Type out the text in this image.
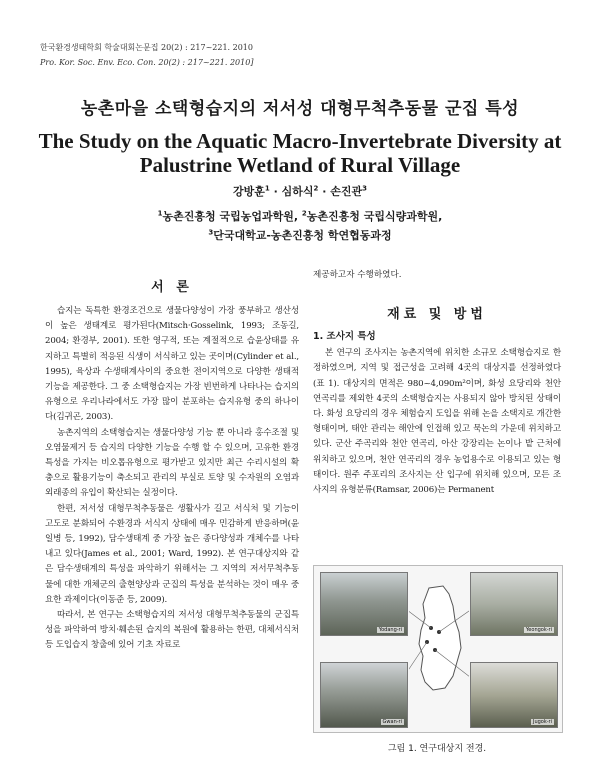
한국환경생태학회 학술대회논문집 20(2) : 217~221. 2010
Pro. Kor. Soc. Env. Eco. Con. 20(2) : 217~221. 2010]
농촌마을 소택형습지의 저서성 대형무척추동물 군집 특성
The Study on the Aquatic Macro-Invertebrate Diversity at Palustrine Wetland of Rural Village
강방훈$^1$ · 심하식$^2$ · 손진관$^3$

$^1$농촌진흥청 국립농업과학원, $^2$농촌진흥청 국립식량과학원,

$^3$단국대학교-농촌진흥청 학연협동과정

서 론

습지는 독특한 환경조건으로 생물다양성이 가장 풍부하고 생산성이 높은 생태계로 평가된다(Mitsch·Gosselink, 1993; 조동길, 2004; 환경부, 2001). 또한 영구적, 또는 계절적으로 습윤상태를 유지하고 특별히 적응된 식생이 서식하고 있는 곳이며(Cylinder et al., 1995), 육상과 수생태계사이의 중요한 전이지역으로 다양한 생태적 기능을 제공한다. 그 중 소택형습지는 가장 빈번하게 나타나는 습지의 유형으로 우리나라에서도 가장 많이 분포하는 습지유형 중의 하나이다(김귀곤, 2003).

농촌지역의 소택형습지는 생물다양성 기능 뿐 아니라 홍수조절 및 오염물제거 등 습지의 다양한 기능을 수행 할 수 있으며, 고유한 환경특성을 가지는 비오톱유형으로 평가받고 있지만 최근 수리시설의 확충으로 활용기능이 축소되고 관리의 부실로 토양 및 수자원의 오염과 외래종의 유입이 확산되는 실정이다.

한편, 저서성 대형무척추동물은 생활사가 길고 서식처 및 기능이 고도로 분화되어 수환경과 서식지 상태에 매우 민감하게 반응하며(윤일병 등, 1992), 담수생태계 중 가장 높은 종다양성과 개체수를 나타내고 있다(James et al., 2001; Ward, 1992). 본 연구대상지와 같은 담수생태계의 특성을 파악하기 위해서는 그 지역의 저서무척추동물에 대한 개체군의 출현양상과 군집의 특성을 분석하는 것이 매우 중요한 과제이다(이동준 등, 2009).

따라서, 본 연구는 소택형습지의 저서성 대형무척추동물의 군집특성을 파악하여 방치·훼손된 습지의 복원에 활용하는 한편, 대체서식처 등 도입습지 창출에 있어 기초 자료로

제공하고자 수행하였다.
재료 및 방법
1. 조사지 특성

본 연구의 조사지는 농촌지역에 위치한 소규모 소택형습지로 한정하였으며, 지역 및 접근성을 고려해 4곳의 대상지를 선정하였다(표 1). 대상지의 면적은 980~4,090m²이며, 화성 요당리와 천안 연곡리를 제외한 4곳의 소택형습지는 사용되지 않아 방치된 상태이다. 화성 요당리의 경우 체험습지 도입을 위해 논을 소택지로 개간한 형태이며, 태안 관리는 해안에 인접해 있고 묵논의 가운데 위치하고 있다. 군산 주곡리와 천안 연곡리, 아산 강장리는 논이나 밭 근처에 위치하고 있으며, 천안 연곡리의 경우 농업용수로 이용되고 있는 형태이다. 원주 주포리의 조사지는 산 입구에 위치해 있으며, 모든 조사지의 유형분류(Ramsar, 2006)는 Permanent

Yodang-ri	Yeongok-ri
Gwan-ri	Jugok-ri
그림 1. 연구대상지 전경.
